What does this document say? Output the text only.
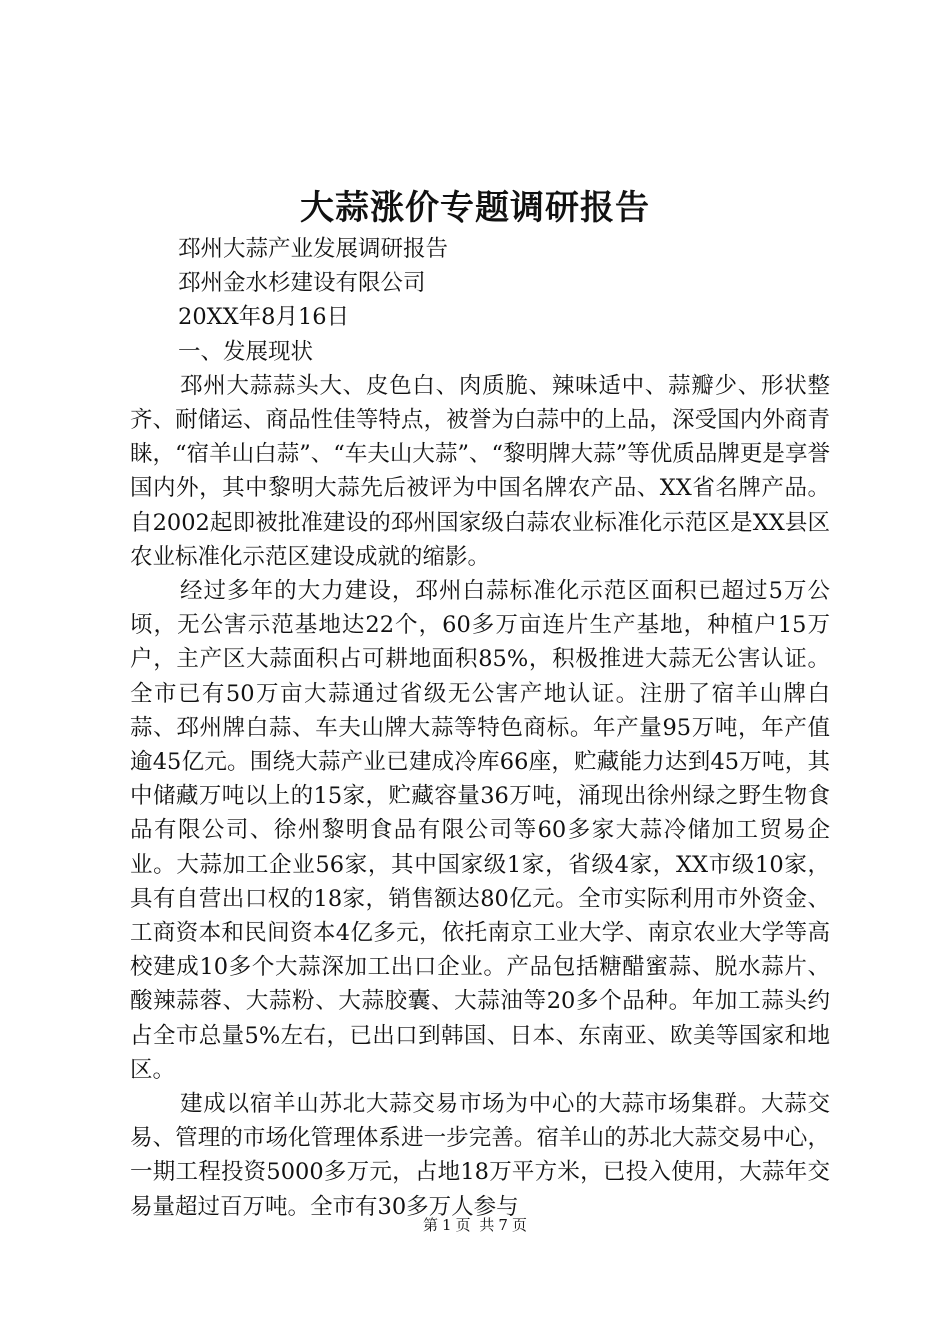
大蒜涨价专题调研报告

邳州大蒜产业发展调研报告

邳州金水杉建设有限公司

20XX年8月16日

一、发展现状

邳州大蒜蒜头大、皮色白、肉质脆、辣味适中、蒜瓣少、形状整齐、耐储运、商品性佳等特点，被誉为白蒜中的上品，深受国内外商青睐，“宿羊山白蒜”、“车夫山大蒜”、“黎明牌大蒜”等优质品牌更是享誉国内外，其中黎明大蒜先后被评为中国名牌农产品、XX省名牌产品。自2002起即被批准建设的邳州国家级白蒜农业标准化示范区是XX县区农业标准化示范区建设成就的缩影。

经过多年的大力建设，邳州白蒜标准化示范区面积已超过5万公顷，无公害示范基地达22个，60多万亩连片生产基地，种植户15万户，主产区大蒜面积占可耕地面积85%，积极推进大蒜无公害认证。全市已有50万亩大蒜通过省级无公害产地认证。注册了宿羊山牌白蒜、邳州牌白蒜、车夫山牌大蒜等特色商标。年产量95万吨，年产值逾45亿元。围绕大蒜产业已建成冷库66座，贮藏能力达到45万吨，其中储藏万吨以上的15家，贮藏容量36万吨，涌现出徐州绿之野生物食品有限公司、徐州黎明食品有限公司等60多家大蒜冷储加工贸易企业。大蒜加工企业56家，其中国家级1家，省级4家，XX市级10家，具有自营出口权的18家，销售额达80亿元。全市实际利用市外资金、工商资本和民间资本4亿多元，依托南京工业大学、南京农业大学等高校建成10多个大蒜深加工出口企业。产品包括糖醋蜜蒜、脱水蒜片、酸辣蒜蓉、大蒜粉、大蒜胶囊、大蒜油等20多个品种。年加工蒜头约占全市总量5%左右，已出口到韩国、日本、东南亚、欧美等国家和地区。

建成以宿羊山苏北大蒜交易市场为中心的大蒜市场集群。大蒜交易、管理的市场化管理体系进一步完善。宿羊山的苏北大蒜交易中心，一期工程投资5000多万元，占地18万平方米，已投入使用，大蒜年交易量超过百万吨。全市有30多万人参与

第 1 页 共 7 页
